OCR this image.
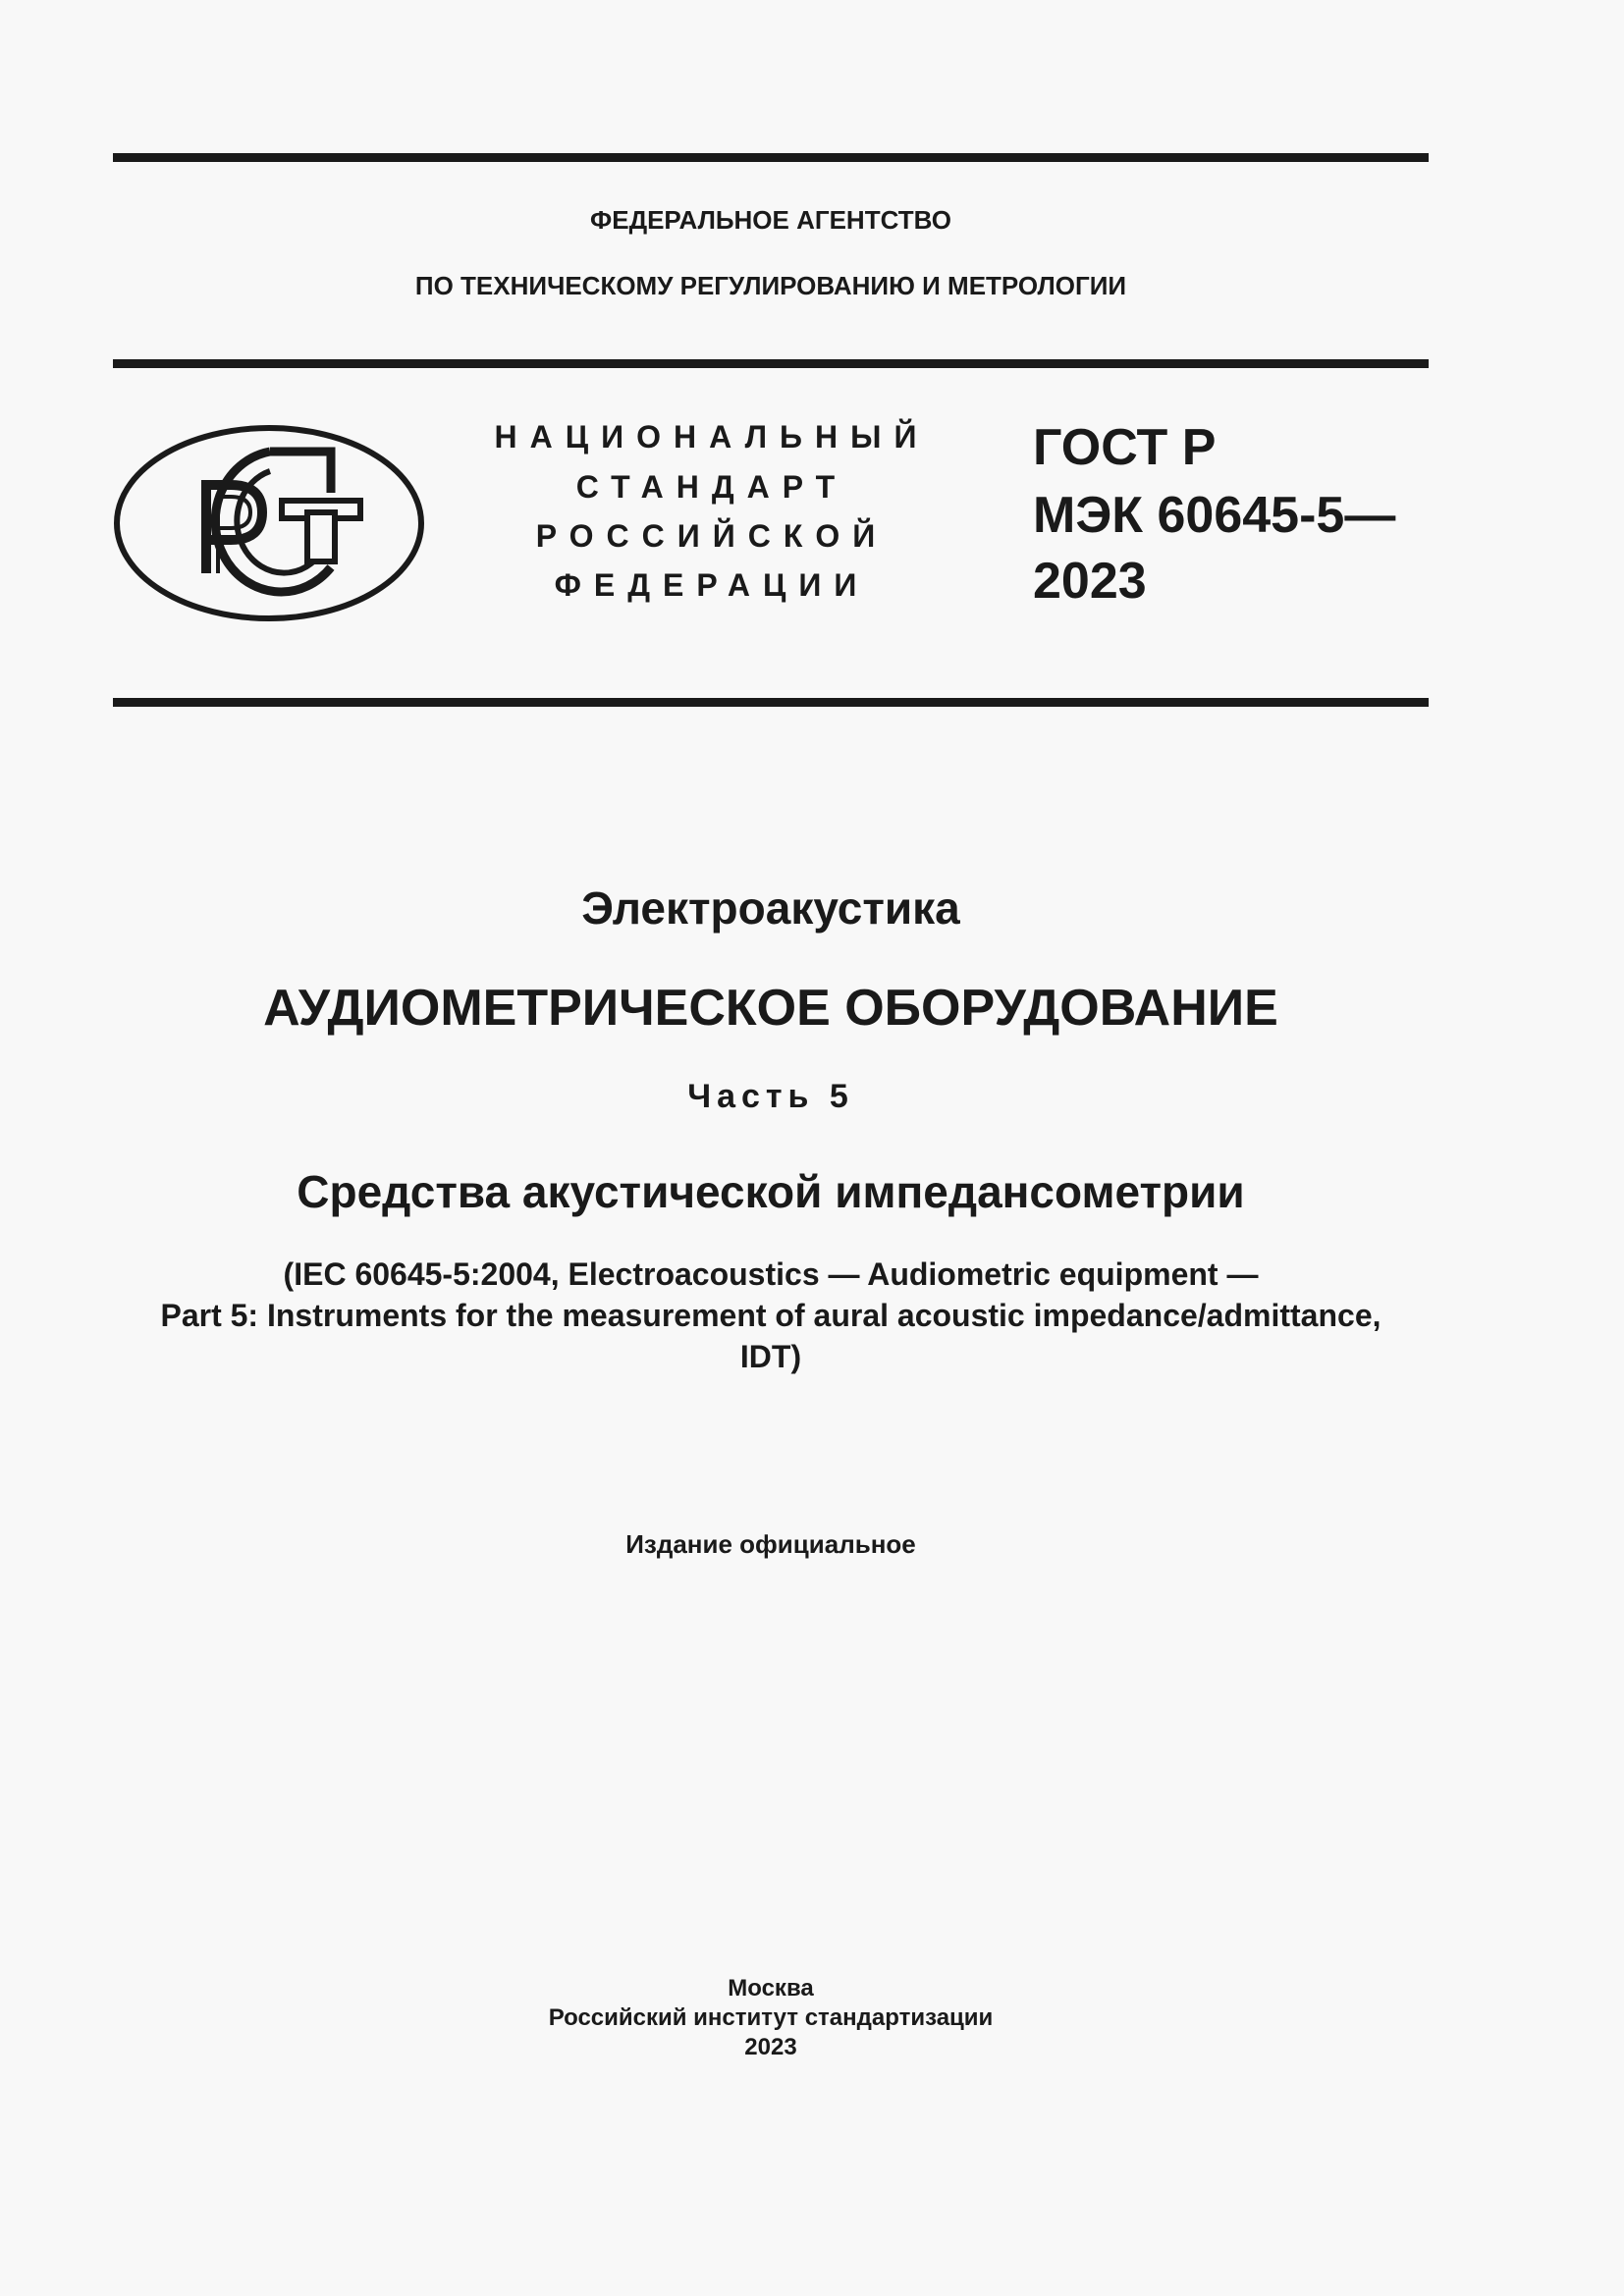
ФЕДЕРАЛЬНОЕ АГЕНТСТВО
ПО ТЕХНИЧЕСКОМУ РЕГУЛИРОВАНИЮ И МЕТРОЛОГИИ
НАЦИОНАЛЬНЫЙ
СТАНДАРТ
РОССИЙСКОЙ
ФЕДЕРАЦИИ
ГОСТ Р
МЭК 60645-5—
2023
Электроакустика
АУДИОМЕТРИЧЕСКОЕ ОБОРУДОВАНИЕ
Часть 5
Средства акустической импедансометрии
(IEC 60645-5:2004, Electroacoustics — Audiometric equipment —
Part 5: Instruments for the measurement of aural acoustic impedance/admittance,
IDT)
Издание официальное
Москва
Российский институт стандартизации
2023
